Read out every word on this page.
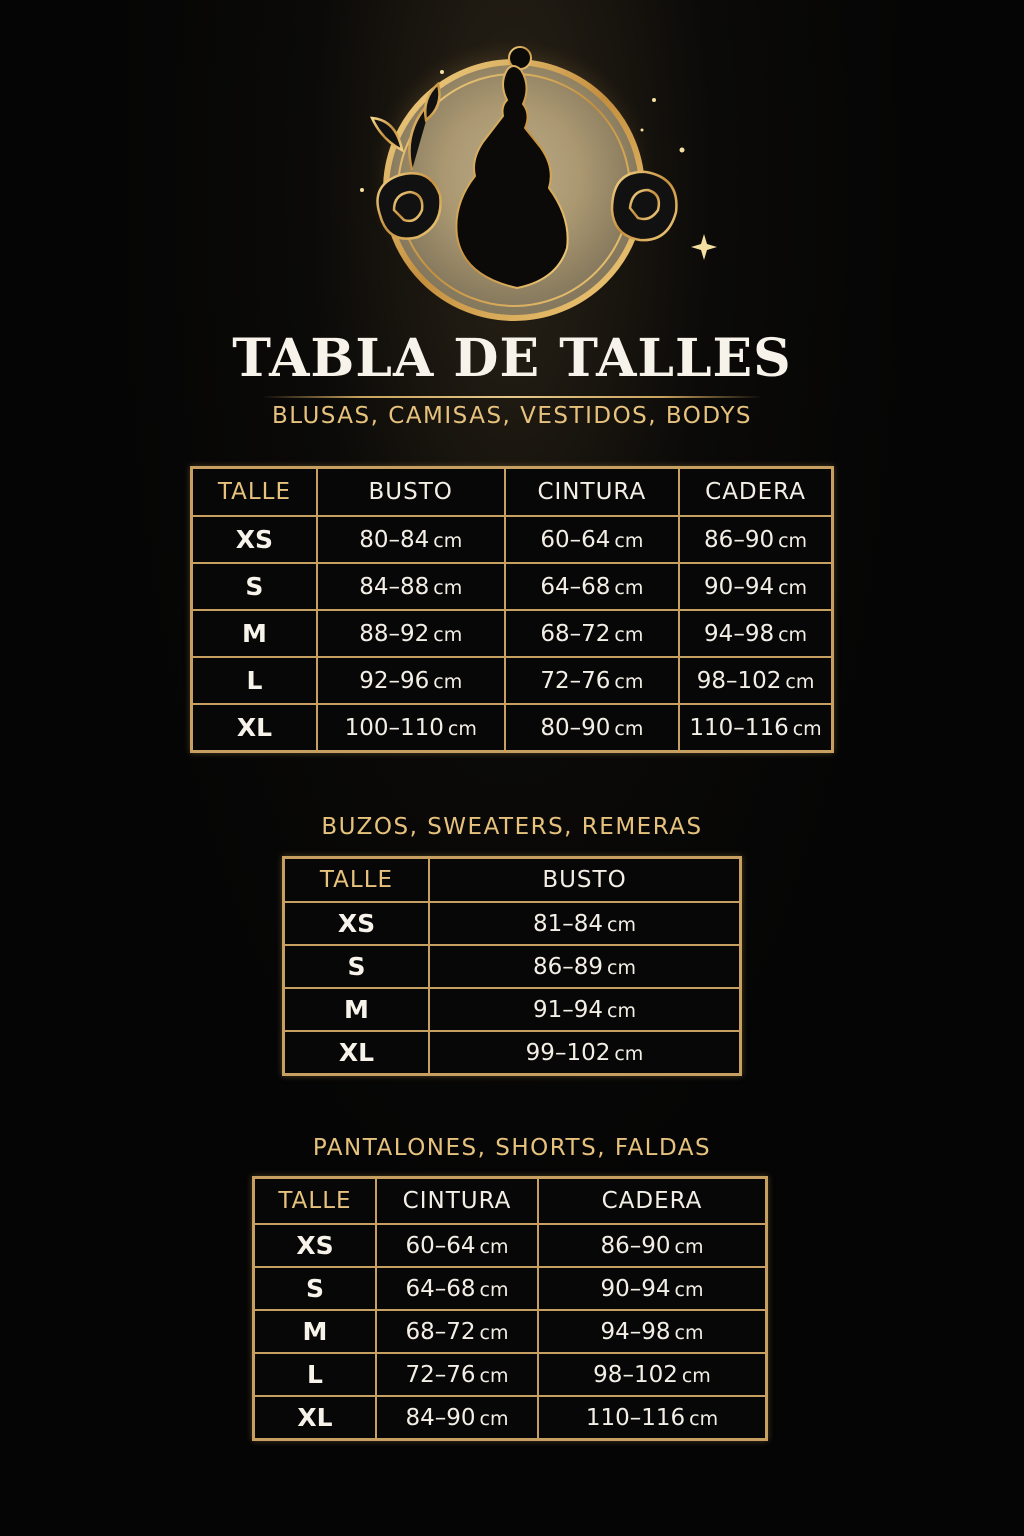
TABLA DE TALLES
BLUSAS, CAMISAS, VESTIDOS, BODYS
TALLE	BUSTO	CINTURA	CADERA
XS	80–84 cm	60–64 cm	86–90 cm
S	84–88 cm	64–68 cm	90–94 cm
M	88–92 cm	68–72 cm	94–98 cm
L	92–96 cm	72–76 cm	98–102 cm
XL	100–110 cm	80–90 cm	110–116 cm
BUZOS, SWEATERS, REMERAS
TALLE	BUSTO
XS	81–84 cm
S	86–89 cm
M	91–94 cm
XL	99–102 cm
PANTALONES, SHORTS, FALDAS
TALLE	CINTURA	CADERA
XS	60–64 cm	86–90 cm
S	64–68 cm	90–94 cm
M	68–72 cm	94–98 cm
L	72–76 cm	98–102 cm
XL	84–90 cm	110–116 cm
